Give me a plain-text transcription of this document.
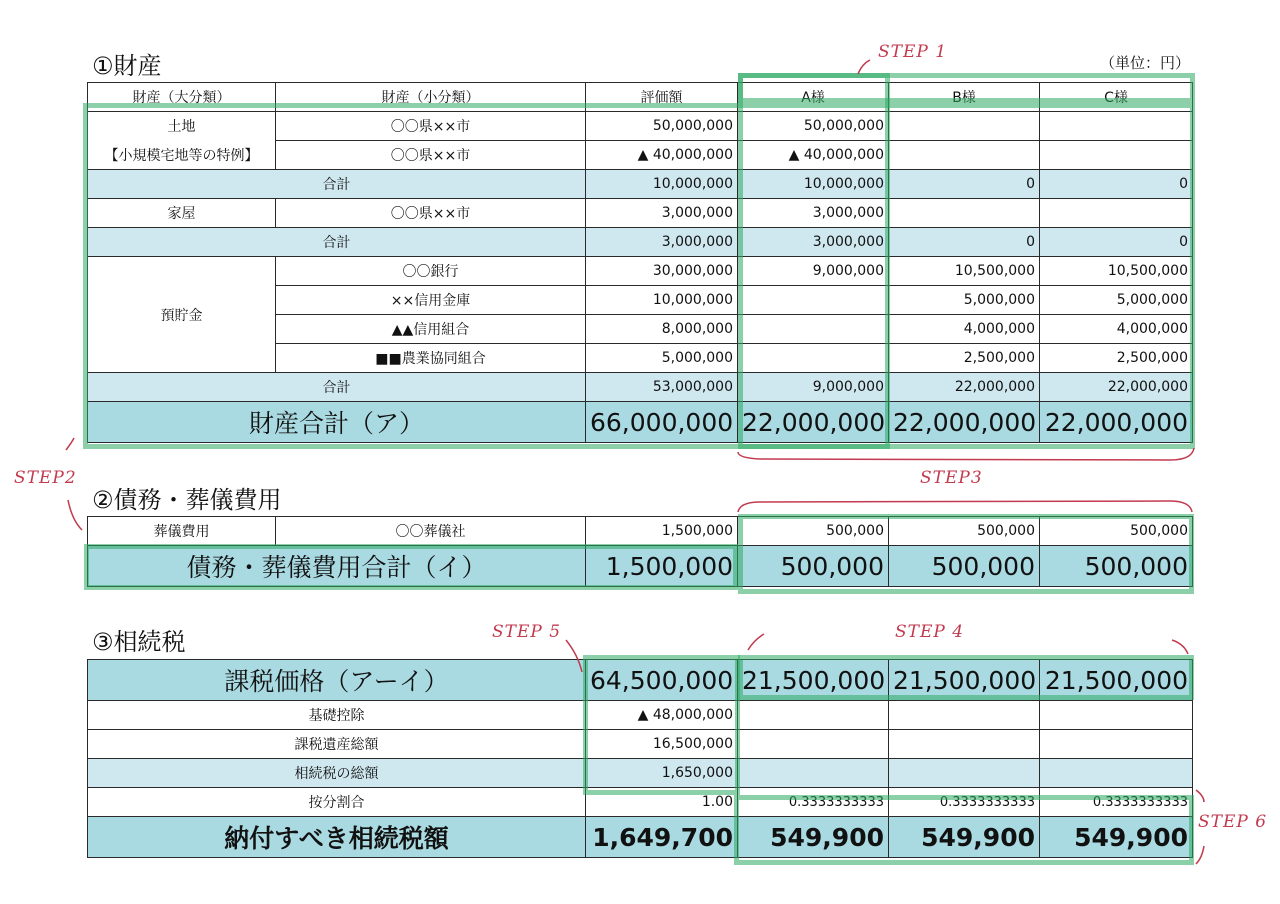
①財産	（単位：円）
財産（大分類）	財産（小分類）	評価額	A様	B様	C様
土地	〇〇県××市	50,000,000	50,000,000		
【小規模宅地等の特例】	〇〇県××市	▲ 40,000,000	▲ 40,000,000		
合計		10,000,000	10,000,000	0	0
家屋	〇〇県××市	3,000,000	3,000,000		
合計		3,000,000	3,000,000	0	0
預貯金	〇〇銀行	30,000,000	9,000,000	10,500,000	10,500,000
	××信用金庫	10,000,000		5,000,000	5,000,000
	▲▲信用組合	8,000,000		4,000,000	4,000,000
	■■農業協同組合	5,000,000		2,500,000	2,500,000
合計		53,000,000	9,000,000	22,000,000	22,000,000
財産合計（ア）		66,000,000	22,000,000	22,000,000	22,000,000
②債務・葬儀費用
葬儀費用	〇〇葬儀社	1,500,000	500,000	500,000	500,000
債務・葬儀費用合計（イ）		1,500,000	500,000	500,000	500,000
③相続税
課税価格（アーイ）	64,500,000	21,500,000	21,500,000	21,500,000
基礎控除	▲ 48,000,000			
課税遺産総額	16,500,000			
相続税の総額	1,650,000			
按分割合	1.00	0.3333333333	0.3333333333	0.3333333333
納付すべき相続税額	1,649,700	549,900	549,900	549,900
STEP 1
STEP2	STEP3
STEP 4
STEP 5
STEP 6
